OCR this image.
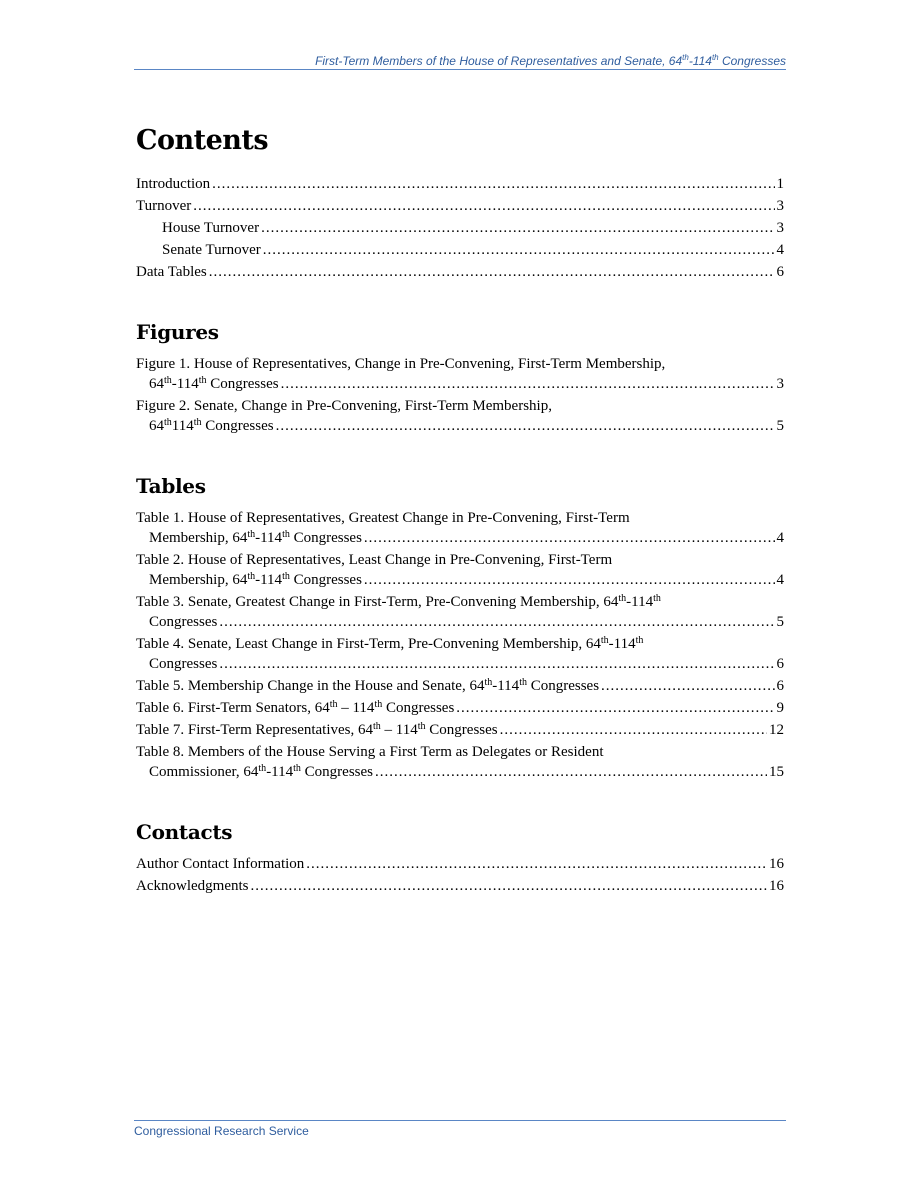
First-Term Members of the House of Representatives and Senate, 64th-114th Congresses
Contents
Introduction .....	1
Turnover .....	3
House Turnover .....	3
Senate Turnover .....	4
Data Tables .....	6
Figures
Figure 1. House of Representatives, Change in Pre-Convening, First-Term Membership,
64th-114th Congresses .....	3
Figure 2. Senate, Change in Pre-Convening, First-Term Membership,
64th114th Congresses .....	5
Tables
Table 1. House of Representatives, Greatest Change in Pre-Convening, First-Term
Membership, 64th-114th Congresses .....	4
Table 2. House of Representatives, Least Change in Pre-Convening, First-Term
Membership, 64th-114th Congresses .....	4
Table 3. Senate, Greatest Change in First-Term, Pre-Convening Membership, 64th-114th
Congresses .....	5
Table 4. Senate, Least Change in First-Term, Pre-Convening Membership, 64th-114th
Congresses .....	6
Table 5. Membership Change in the House and Senate, 64th-114th Congresses .....	6
Table 6. First-Term Senators, 64th – 114th Congresses .....	9
Table 7. First-Term Representatives, 64th – 114th Congresses .....	12
Table 8. Members of the House Serving a First Term as Delegates or Resident
Commissioner, 64th-114th Congresses .....	15
Contacts
Author Contact Information .....	16
Acknowledgments .....	16
Congressional Research Service
